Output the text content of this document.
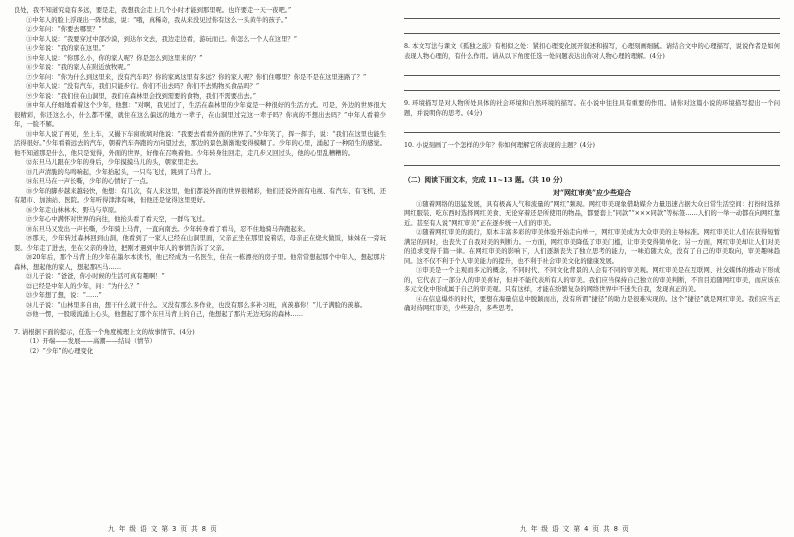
良处，我不知道究竟有多远，要是走，我想我会走上几个小时才能到那里呢。也许要走一天一夜吧。”

①中年人的脸上浮现出一阵忧虑，说：“哦，真稀奇，我从来没见过你有这么一头黄牛的孩子。”

②少年问：“你要去哪里？”

③中年人说：“我要穿过中部沙漠，到达尔文去，我边走边看，游玩而已。你怎么一个人在这里？”

④少年说：“我的家在这里。”

⑤中年人说：“你那么小，你的家人呢？你是怎么到这里来的？”

⑥少年说：“我的家人在附近放牧呢。”

⑦少年问：“你为什么到这里来，没有汽车吗？你的家离这里有多远？你的家人呢？你们住哪里？你是不是在这里迷路了？”

⑧中年人说：“没有汽车，我们只能步行。你们不出去吗？你们不去购物买食品吗？”

⑨少年说：“我们住在山洞里，我们在森林里会找到需要的食物，我们不需要出去。”

⑩中年人仔细地看着这个少年，他想：“对啊，我见过了，生活在森林里的少年竟是一种很好的生活方式。可是，外边的世界很大很精彩，你还这么小，什么都不懂，就住在这么偏远的地方一辈子，在山洞里过完这一辈子吗？你真的不想出去吗？”中年人看着少年，一脸不解。

⑪中年人说了再见，坐上车，又撮下车窗玻璃对他说：“我要去看看外面的世界了。”少年笑了，挥一挥手，说：“我们在这里也能生活得很好。”少年看着远去的汽车，朝着汽车奔跑的方向望过去，那边的景色渐渐地变得模糊了。少年的心里，涌起了一种陌生的感觉。他不知道那是什么，他只是觉得，外面的世界，好像在召唤着他。少年转身往回走，走几步又回过头，他的心里乱糟糟的。

⑫东旦马儿跟在少年的身后，少年摸摸马儿的头，朝家里走去。

⑬几声清脆的鸟鸣响起，少年抬起头，一只鸟飞过，跳到了马背上。

⑭东旦马在一声长嘶，少年的心情好了一点。

⑮少年的脚步越来越轻快，他想：有几次，有人来这里，他们都说外面的世界很精彩，他们还说外面有电视、有汽车、有飞机，还有超市、加油站、医院。少年听得津津有味，但他还是觉得这里更好。

⑯少年走山林林木、野马与草原。

⑰少年心中满怀对世界的向往，他抬头看了看天空，一群鸟飞过。

⑱东旦马又发出一声长嘶，少年骑上马背，一直向南去。少年转身看了看马，忍不住地骑马奔跑起来。

⑲那天，少年转过森林回到山洞，他看到了一家人已经在山洞里面，父亲正坐在那里说着话，母亲正在烧火做饭，妹妹在一旁玩耍。少年走了进去，坐在父亲的身边，把刚才遇到中年人的事情告诉了父亲。

⑳20年后，那个马背上的少年在墨尔本读书，他已经成为一名医生，住在一栋漂亮的房子里。他常常想起那个中年人，想起那片森林，想起他的家人，想起那匹马……

㉑儿子说：“爸爸，你小时候的生活可真有趣啊！”

㉒已经是中年人的少年，问：“为什么？”

㉓少年想了想，说：“……”

㉔儿子说：“山林里多自由，想干什么就干什么。又没有那么多作业，也没有那么多补习班，真羡慕你！”儿子满脸的羡慕。

㉕他一愣，一股暖流涌上心头，他想起了那个东旦马背上的自己，他想起了那片无边无际的森林……

7. 请根据下面的提示，任选一个角度梳理上文的故事情节。(4分)

（1）开端——发展——高潮——结局（情节）

（2）“少年”的心理变化

8. 本文写法与课文《孤独之旅》有相似之处：紧扣心理变化展开叙述和描写，心理刻画细腻。请结合文中的心理描写，说说作者是如何表现人物心理的，有什么作用。请从以下角度任选一处问题表达出你对人物心理的理解。(4分)

9. 环境描写是对人物所处具体的社会环境和自然环境的描写。在小说中往往具有重要的作用。请你对这篇小说的环境描写提出一个问题，并说明你的思考。(4分)

10. 小说刻画了一个怎样的少年？你如何理解它所表现的主题？(4分)

（二）阅读下面文本，完成 11~13 题。（共 10 分）

对“网红审美”应少些迎合

①随着网络的迅猛发展，具有极高人气和流量的“网红”频现。网红审美现象借助媒介力量迅速占据大众日常生活空间：打扮时选择网红服装、吃东西时选择网红美食、无论穿着还是所使用的物品，都要套上“同款”“×××同款”等标签……人们的一举一动都在向网红靠近。甚至有人说“网红审美”正在逐步统一人们的审美。

②随着网红审美的流行，原本丰富多彩的审美体验开始走向单一，网红审美成为大众审美的主导标准。网红审美让人们在获得短暂满足的同时，也丧失了自我对美的判断力。一方面，网红审美降低了审美门槛，让审美变得简单化；另一方面，网红审美却让人们对美的追求变得千篇一律。在网红审美的影响下，人们逐渐丧失了独立思考的能力，一味追随大众，没有了自己的审美取向，审美趣味趋同。这不仅不利于个人审美能力的提升，也不利于社会审美文化的健康发展。

③审美是一个主观而多元的概念，不同时代、不同文化背景的人会有不同的审美观。网红审美是在互联网、社交媒体的推动下形成的，它代表了一部分人的审美喜好，但并不能代表所有人的审美。我们应当保持自己独立的审美判断，不盲目追随网红审美，而应该在多元文化中形成属于自己的审美观。只有这样，才能在纷繁复杂的网络世界中不迷失自我，发现真正的美。

④在信息爆炸的时代，要想在海量信息中脱颖而出，没有所谓“捷径”的助力是很难实现的。这个“捷径”就是网红审美。我们应当正确对待网红审美，少些迎合，多些思考。

九 年 级 语 文 第 3 页 共 8 页	九 年 级 语 文 第 4 页 共 8 页
